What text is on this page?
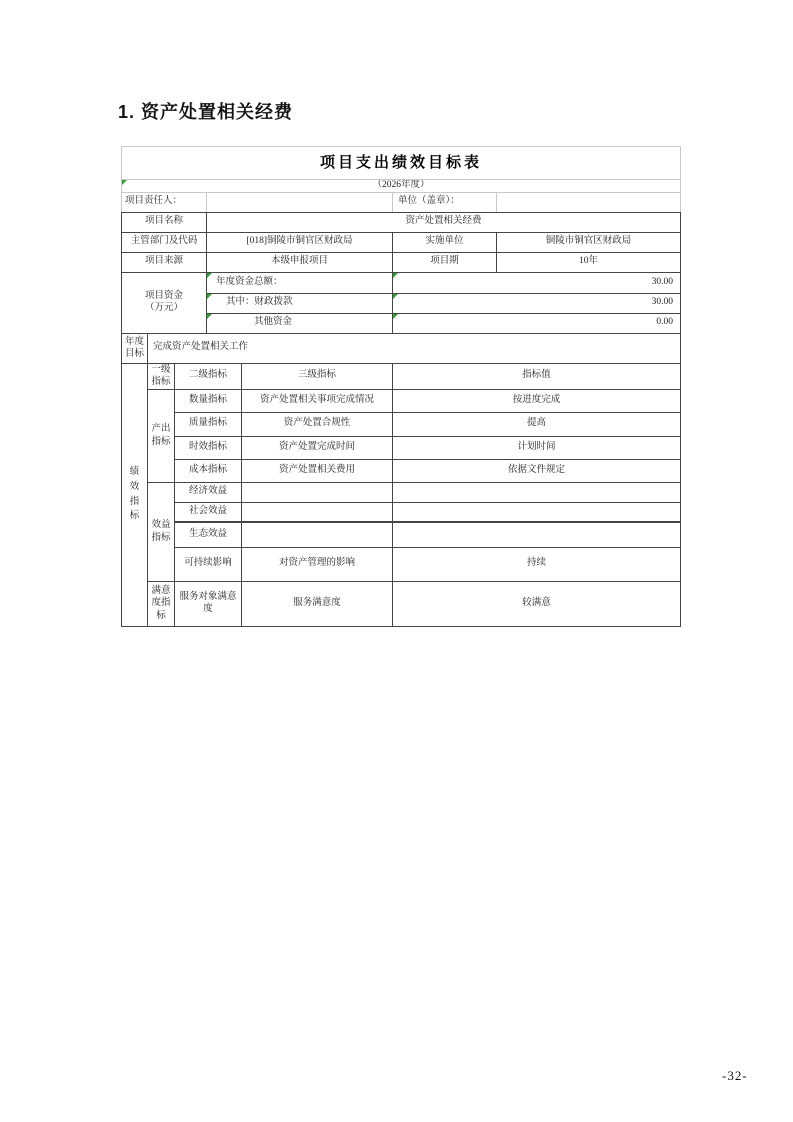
1. 资产处置相关经费
项目支出绩效目标表
（2026年度）
项目责任人：		单位（盖章）：	
项目名称			资产处置相关经费			
主管部门及代码			[018]铜陵市铜官区财政局		实施单位	铜陵市铜官区财政局
项目来源			本级申报项目		项目期	10年

项目资金
（万元）			年度资金总额：		30.00	
			其中：财政拨款		30.00	
			其他资金		0.00	

年度目标	完成资产处置相关工作					

绩效指标	一级指标	二级指标		三级指标	指标值	

	产出指标	数量指标		资产处置相关事项完成情况	按进度完成	
		质量指标		资产处置合规性	提高	
		时效指标		资产处置完成时间	计划时间	
		成本指标		资产处置相关费用	依据文件规定	

	效益指标	经济效益				
		社会效益				
		生态效益				
		可持续影响		对资产管理的影响	持续	

	满意度指标	服务对象满意度		服务满意度	较满意	
-32-
